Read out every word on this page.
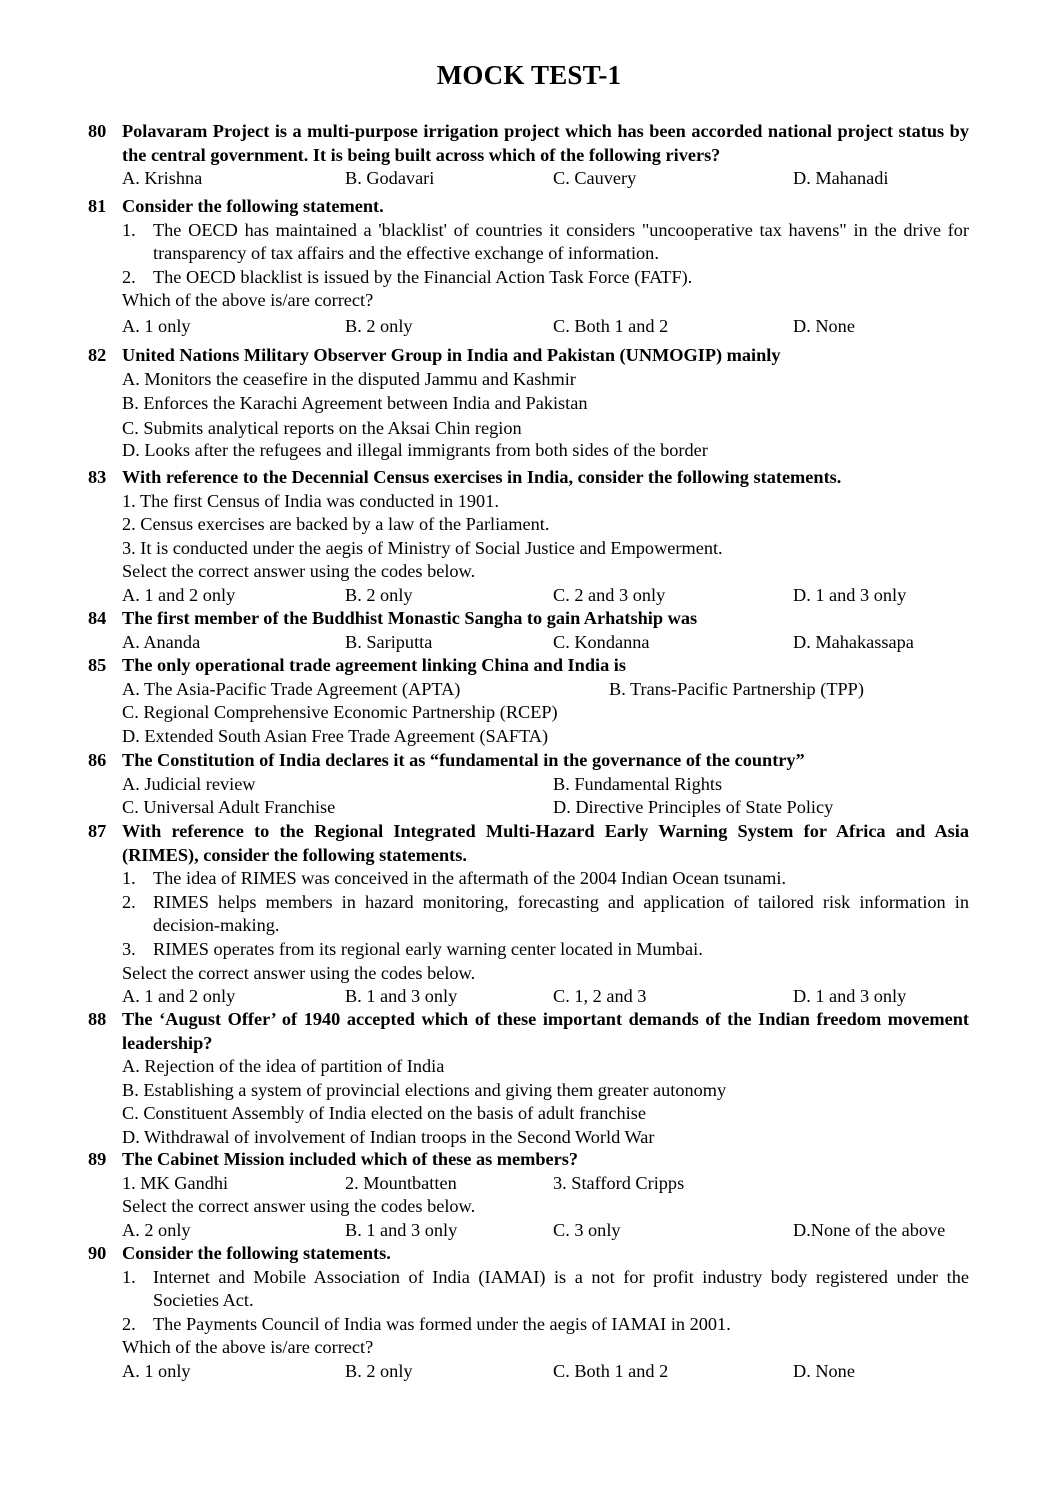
MOCK TEST-1
80 Polavaram Project is a multi-purpose irrigation project which has been accorded national project status by the central government. It is being built across which of the following rivers?
A. Krishna	B. Godavari	C. Cauvery	D. Mahanadi
81 Consider the following statement.
1. The OECD has maintained a 'blacklist' of countries it considers "uncooperative tax havens" in the drive for transparency of tax affairs and the effective exchange of information.
2. The OECD blacklist is issued by the Financial Action Task Force (FATF).
Which of the above is/are correct?
A. 1 only	B. 2 only	C. Both 1 and 2	D. None
82 United Nations Military Observer Group in India and Pakistan (UNMOGIP) mainly
A. Monitors the ceasefire in the disputed Jammu and Kashmir
B. Enforces the Karachi Agreement between India and Pakistan
C. Submits analytical reports on the Aksai Chin region
D. Looks after the refugees and illegal immigrants from both sides of the border
83 With reference to the Decennial Census exercises in India, consider the following statements.
1. The first Census of India was conducted in 1901.
2. Census exercises are backed by a law of the Parliament.
3. It is conducted under the aegis of Ministry of Social Justice and Empowerment.
Select the correct answer using the codes below.
A. 1 and 2 only	B. 2 only	C. 2 and 3 only	D. 1 and 3 only
84 The first member of the Buddhist Monastic Sangha to gain Arhatship was
A. Ananda	B. Sariputta	C. Kondanna	D. Mahakassapa
85 The only operational trade agreement linking China and India is
A. The Asia-Pacific Trade Agreement (APTA)	B. Trans-Pacific Partnership (TPP)
C. Regional Comprehensive Economic Partnership (RCEP)
D. Extended South Asian Free Trade Agreement (SAFTA)
86 The Constitution of India declares it as “fundamental in the governance of the country”
A. Judicial review	B. Fundamental Rights
C. Universal Adult Franchise	D. Directive Principles of State Policy
87 With reference to the Regional Integrated Multi-Hazard Early Warning System for Africa and Asia (RIMES), consider the following statements.
1. The idea of RIMES was conceived in the aftermath of the 2004 Indian Ocean tsunami.
2. RIMES helps members in hazard monitoring, forecasting and application of tailored risk information in decision-making.
3. RIMES operates from its regional early warning center located in Mumbai.
Select the correct answer using the codes below.
A. 1 and 2 only	B. 1 and 3 only	C. 1, 2 and 3	D. 1 and 3 only
88 The ‘August Offer’ of 1940 accepted which of these important demands of the Indian freedom movement leadership?
A. Rejection of the idea of partition of India
B. Establishing a system of provincial elections and giving them greater autonomy
C. Constituent Assembly of India elected on the basis of adult franchise
D. Withdrawal of involvement of Indian troops in the Second World War
89 The Cabinet Mission included which of these as members?
1. MK Gandhi	2. Mountbatten	3. Stafford Cripps
Select the correct answer using the codes below.
A. 2 only	B. 1 and 3 only	C. 3 only	D.None of the above
90 Consider the following statements.
1. Internet and Mobile Association of India (IAMAI) is a not for profit industry body registered under the Societies Act.
2. The Payments Council of India was formed under the aegis of IAMAI in 2001.
Which of the above is/are correct?
A. 1 only	B. 2 only	C. Both 1 and 2	D. None
